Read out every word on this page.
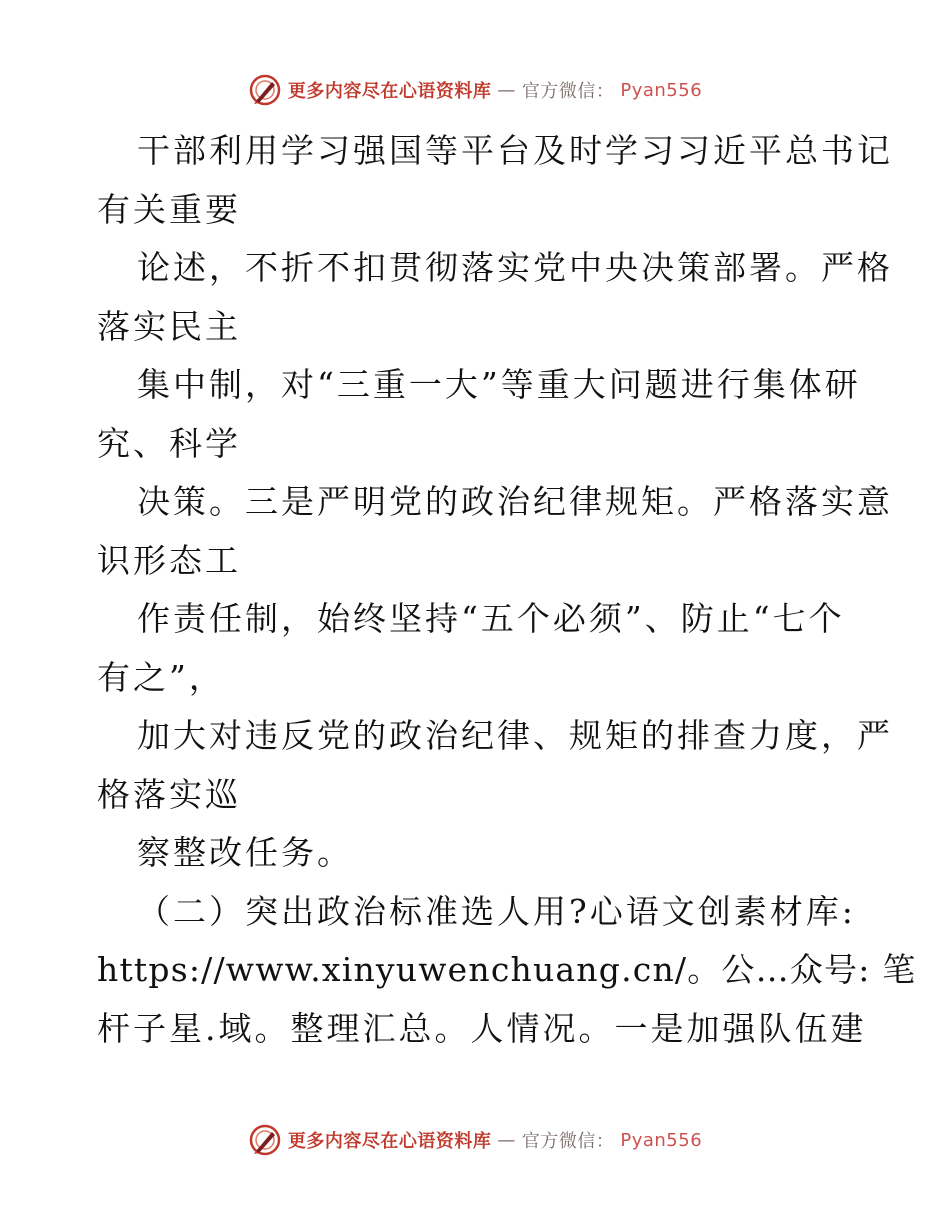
更多内容尽在心语资料库 — 官方微信： Pyan556
干部利用学习强国等平台及时学习习近平总书记
有关重要
论述，不折不扣贯彻落实党中央决策部署。严格
落实民主
集中制，对“三重一大”等重大问题进行集体研
究、科学
决策。三是严明党的政治纪律规矩。严格落实意
识形态工
作责任制，始终坚持“五个必须”、防止“七个
有之”，
加大对违反党的政治纪律、规矩的排查力度，严
格落实巡
察整改任务。
（二）突出政治标准选人用?心语文创素材库:
https://www.xinyuwenchuang.cn/。公…众号: 笔
杆子星.域。整理汇总。人情况。一是加强队伍建
更多内容尽在心语资料库 — 官方微信： Pyan556
